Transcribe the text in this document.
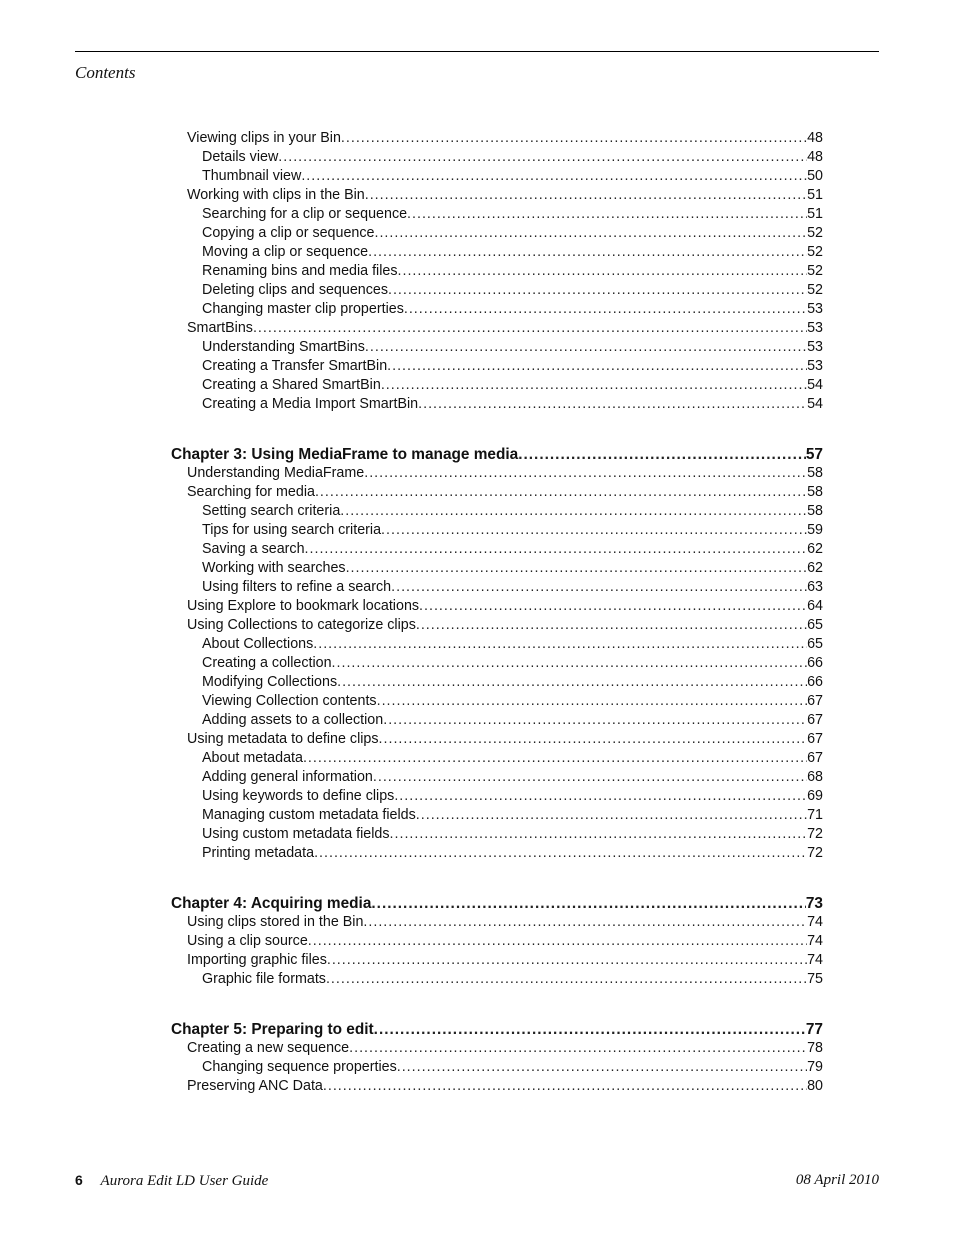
Contents
Viewing clips in your Bin .....	48
Details view .....	48
Thumbnail view .....	50
Working with clips in the Bin .....	51
Searching for a clip or sequence .....	51
Copying a clip or sequence .....	52
Moving a clip or sequence .....	52
Renaming bins and media files .....	52
Deleting clips and sequences .....	52
Changing master clip properties .....	53
SmartBins .....	53
Understanding SmartBins .....	53
Creating a Transfer SmartBin .....	53
Creating a Shared SmartBin .....	54
Creating a Media Import SmartBin .....	54
Chapter 3: Using MediaFrame to manage media .....	57
Understanding MediaFrame .....	58
Searching for media .....	58
Setting search criteria .....	58
Tips for using search criteria .....	59
Saving a search .....	62
Working with searches .....	62
Using filters to refine a search .....	63
Using Explore to bookmark locations .....	64
Using Collections to categorize clips .....	65
About Collections .....	65
Creating a collection .....	66
Modifying Collections .....	66
Viewing Collection contents .....	67
Adding assets to a collection .....	67
Using metadata to define clips .....	67
About metadata .....	67
Adding general information .....	68
Using keywords to define clips .....	69
Managing custom metadata fields .....	71
Using custom metadata fields .....	72
Printing metadata .....	72
Chapter 4: Acquiring media .....	73
Using clips stored in the Bin .....	74
Using a clip source .....	74
Importing graphic files .....	74
Graphic file formats .....	75
Chapter 5: Preparing to edit .....	77
Creating a new sequence .....	78
Changing sequence properties .....	79
Preserving ANC Data .....	80
6 Aurora Edit LD User Guide	08 April 2010
